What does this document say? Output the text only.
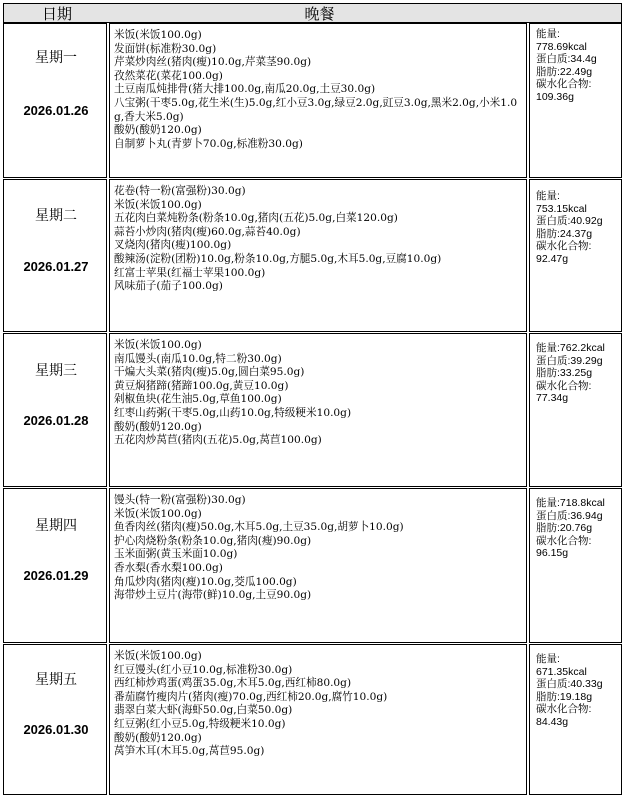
日期	晚餐
星期一
2026.01.26
米饭(米饭100.0g)
发面饼(标准粉30.0g)
芹菜炒肉丝(猪肉(瘦)10.0g,芹菜茎90.0g)
孜然菜花(菜花100.0g)
土豆南瓜炖排骨(猪大排100.0g,南瓜20.0g,土豆30.0g)
八宝粥(干枣5.0g,花生米(生)5.0g,红小豆3.0g,绿豆2.0g,豇豆3.0g,黑米2.0g,小米1.0g,香大米5.0g)
酸奶(酸奶120.0g)
自制萝卜丸(青萝卜70.0g,标准粉30.0g)
能量:
778.69kcal
蛋白质:34.4g
脂肪:22.49g
碳水化合物:
109.36g
星期二
2026.01.27
花卷(特一粉(富强粉)30.0g)
米饭(米饭100.0g)
五花肉白菜炖粉条(粉条10.0g,猪肉(五花)5.0g,白菜120.0g)
蒜苔小炒肉(猪肉(瘦)60.0g,蒜苔40.0g)
叉烧肉(猪肉(瘦)100.0g)
酸辣汤(淀粉(团粉)10.0g,粉条10.0g,方腿5.0g,木耳5.0g,豆腐10.0g)
红富士苹果(红福士苹果100.0g)
风味茄子(茄子100.0g)
能量:
753.15kcal
蛋白质:40.92g
脂肪:24.37g
碳水化合物:
92.47g
星期三
2026.01.28
米饭(米饭100.0g)
南瓜馒头(南瓜10.0g,特二粉30.0g)
干煸大头菜(猪肉(瘦)5.0g,圆白菜95.0g)
黄豆焖猪蹄(猪蹄100.0g,黄豆10.0g)
剁椒鱼块(花生油5.0g,草鱼100.0g)
红枣山药粥(干枣5.0g,山药10.0g,特级粳米10.0g)
酸奶(酸奶120.0g)
五花肉炒莴苣(猪肉(五花)5.0g,莴苣100.0g)
能量:762.2kcal
蛋白质:39.29g
脂肪:33.25g
碳水化合物:
77.34g
星期四
2026.01.29
馒头(特一粉(富强粉)30.0g)
米饭(米饭100.0g)
鱼香肉丝(猪肉(瘦)50.0g,木耳5.0g,土豆35.0g,胡萝卜10.0g)
护心肉烧粉条(粉条10.0g,猪肉(瘦)90.0g)
玉米面粥(黄玉米面10.0g)
香水梨(香水梨100.0g)
角瓜炒肉(猪肉(瘦)10.0g,茭瓜100.0g)
海带炒土豆片(海带(鲜)10.0g,土豆90.0g)
能量:718.8kcal
蛋白质:36.94g
脂肪:20.76g
碳水化合物:
96.15g
星期五
2026.01.30
米饭(米饭100.0g)
红豆馒头(红小豆10.0g,标准粉30.0g)
西红柿炒鸡蛋(鸡蛋35.0g,木耳5.0g,西红柿80.0g)
番茄腐竹瘦肉片(猪肉(瘦)70.0g,西红柿20.0g,腐竹10.0g)
翡翠白菜大虾(海虾50.0g,白菜50.0g)
红豆粥(红小豆5.0g,特级粳米10.0g)
酸奶(酸奶120.0g)
莴笋木耳(木耳5.0g,莴苣95.0g)
能量:
671.35kcal
蛋白质:40.33g
脂肪:19.18g
碳水化合物:
84.43g
